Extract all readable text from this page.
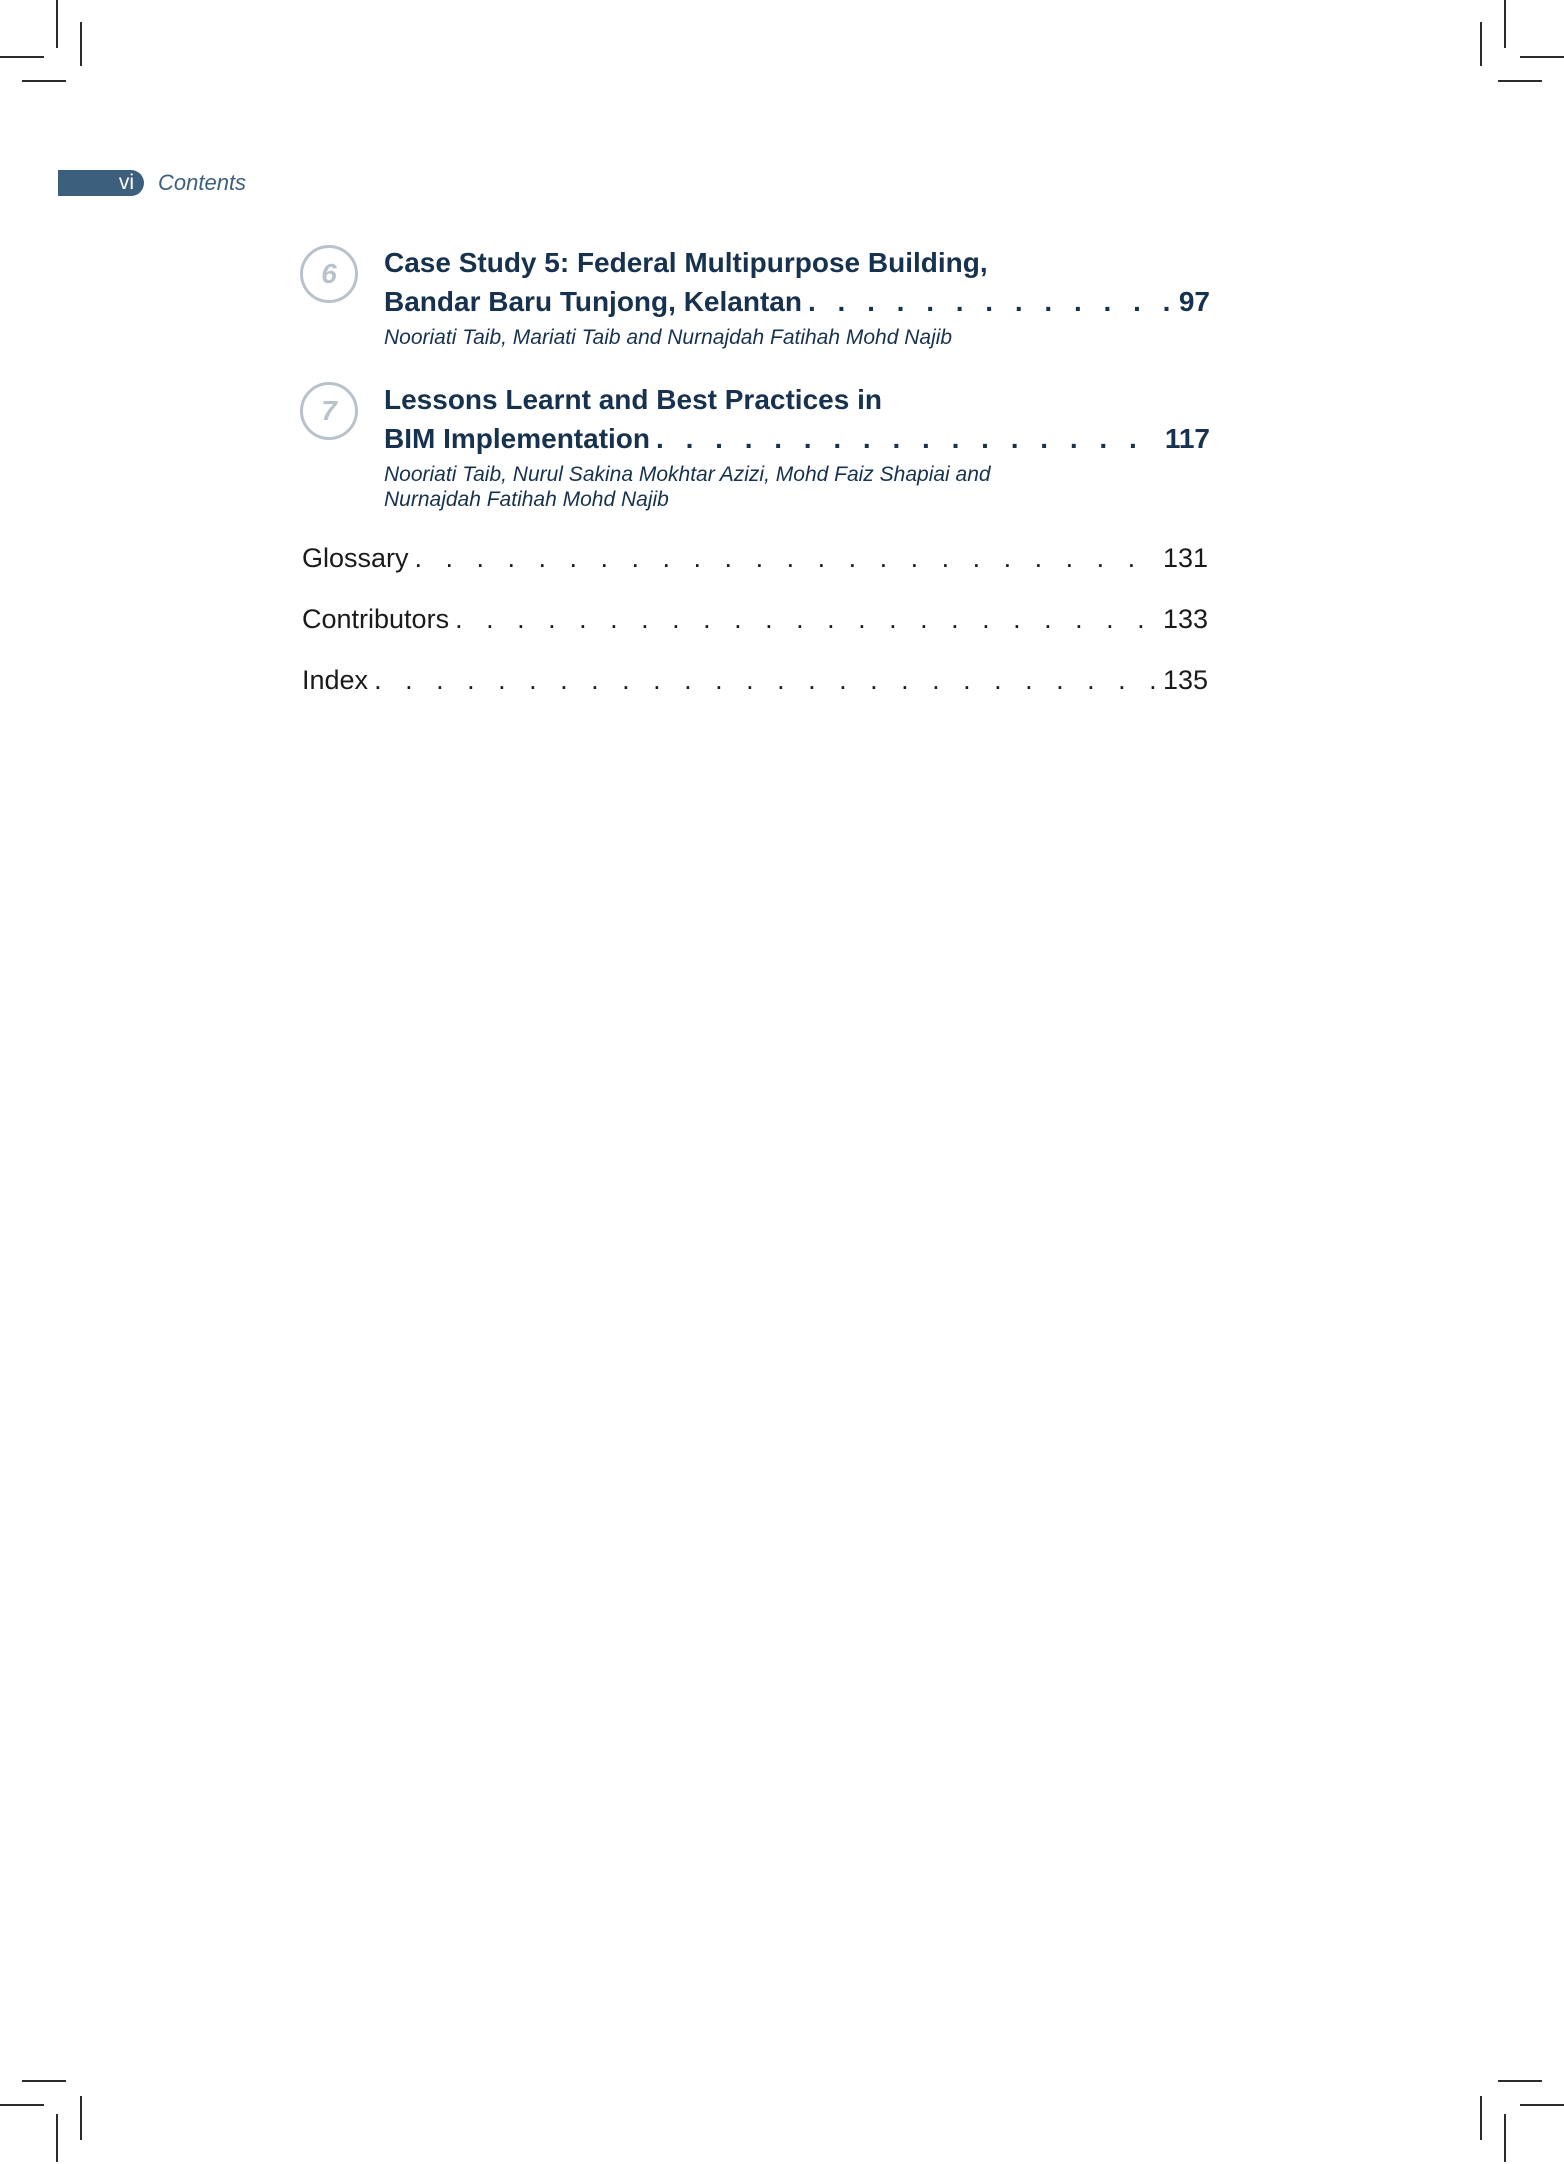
vi	Contents
6	Case Study 5: Federal Multipurpose Building,
Bandar Baru Tunjong, Kelantan . . .	97
Nooriati Taib, Mariati Taib and Nurnajdah Fatihah Mohd Najib
7	Lessons Learnt and Best Practices in
BIM Implementation . . .	117
Nooriati Taib, Nurul Sakina Mokhtar Azizi, Mohd Faiz Shapiai and
Nurnajdah Fatihah Mohd Najib
Glossary . . .	131
Contributors . . .	133
Index . . .	135
